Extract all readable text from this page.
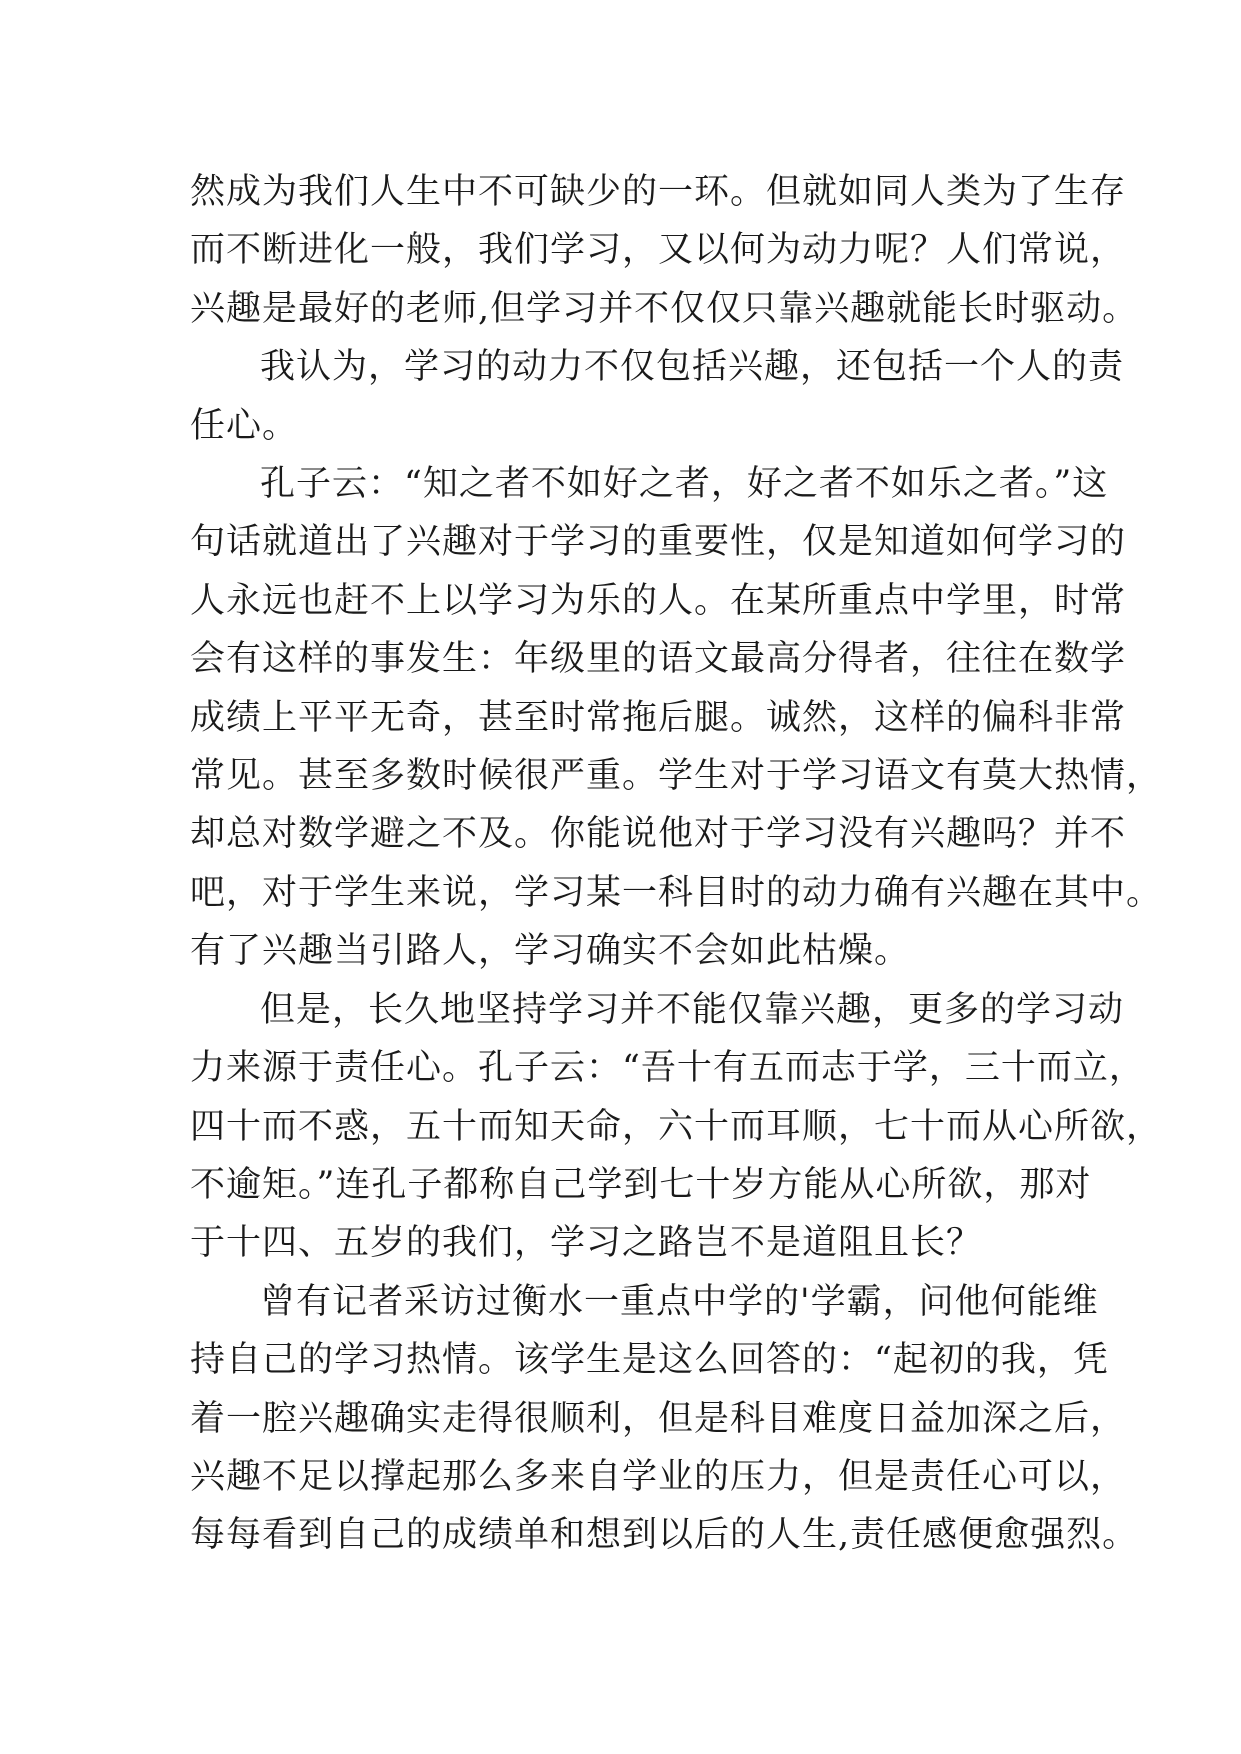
然成为我们人生中不可缺少的一环。但就如同人类为了生存
而不断进化一般，我们学习，又以何为动力呢？人们常说，
兴趣是最好的老师,但学习并不仅仅只靠兴趣就能长时驱动。
我认为，学习的动力不仅包括兴趣，还包括一个人的责
任心。
孔子云：“知之者不如好之者，好之者不如乐之者。”这
句话就道出了兴趣对于学习的重要性，仅是知道如何学习的
人永远也赶不上以学习为乐的人。在某所重点中学里，时常
会有这样的事发生：年级里的语文最高分得者，往往在数学
成绩上平平无奇，甚至时常拖后腿。诚然，这样的偏科非常
常见。甚至多数时候很严重。学生对于学习语文有莫大热情，
却总对数学避之不及。你能说他对于学习没有兴趣吗？并不
吧，对于学生来说，学习某一科目时的动力确有兴趣在其中。
有了兴趣当引路人，学习确实不会如此枯燥。
但是，长久地坚持学习并不能仅靠兴趣，更多的学习动
力来源于责任心。孔子云：“吾十有五而志于学，三十而立，
四十而不惑，五十而知天命，六十而耳顺，七十而从心所欲，
不逾矩。”连孔子都称自己学到七十岁方能从心所欲，那对
于十四、五岁的我们，学习之路岂不是道阻且长？
曾有记者采访过衡水一重点中学的'学霸，问他何能维
持自己的学习热情。该学生是这么回答的：“起初的我，凭
着一腔兴趣确实走得很顺利，但是科目难度日益加深之后，
兴趣不足以撑起那么多来自学业的压力，但是责任心可以，
每每看到自己的成绩单和想到以后的人生,责任感便愈强烈。
